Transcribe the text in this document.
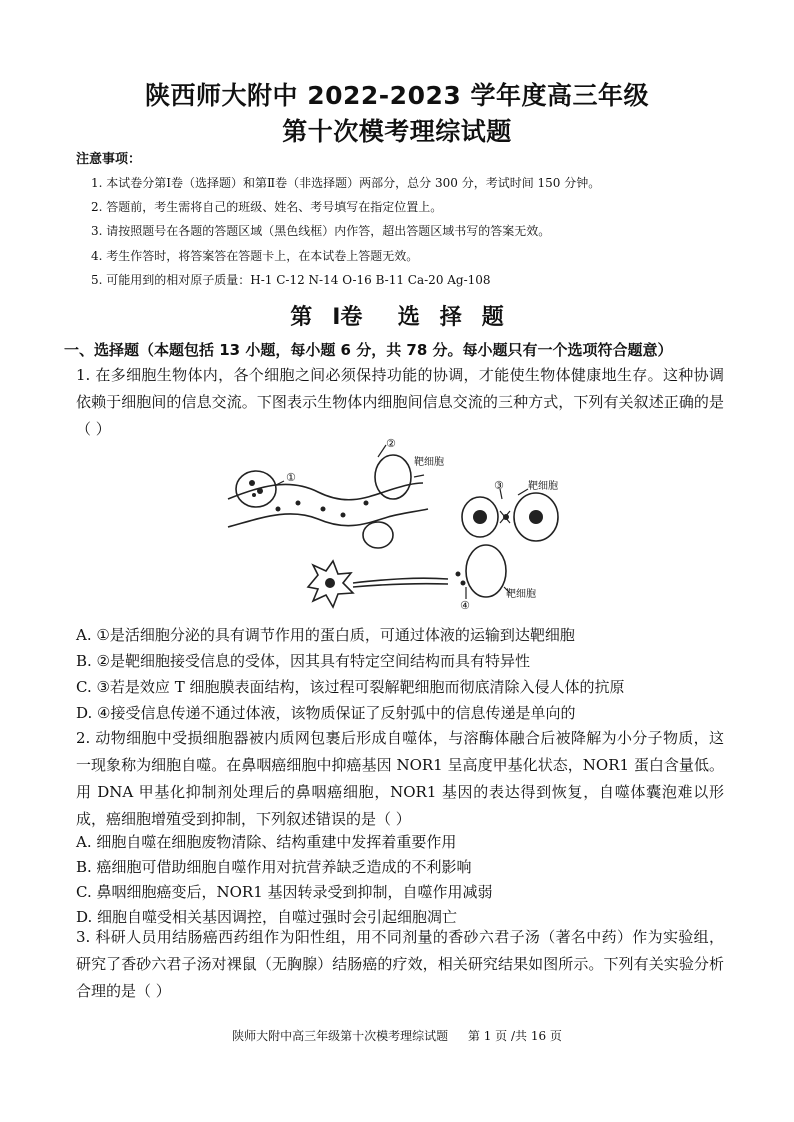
陕西师大附中 2022-2023 学年度高三年级
第十次模考理综试题
注意事项：
1. 本试卷分第Ⅰ卷（选择题）和第Ⅱ卷（非选择题）两部分，总分 300 分，考试时间 150 分钟。
2. 答题前，考生需将自己的班级、姓名、考号填写在指定位置上。
3. 请按照题号在各题的答题区域（黑色线框）内作答，超出答题区域书写的答案无效。
4. 考生作答时，将答案答在答题卡上，在本试卷上答题无效。
5. 可能用到的相对原子质量：H-1 C-12 N-14 O-16 B-11 Ca-20 Ag-108
第 Ⅰ卷 选 择 题
一、选择题（本题包括 13 小题，每小题 6 分，共 78 分。每小题只有一个选项符合题意）
1. 在多细胞生物体内，各个细胞之间必须保持功能的协调，才能使生物体健康地生存。这种协调依赖于细胞间的信息交流。下图表示生物体内细胞间信息交流的三种方式，下列有关叙述正确的是（ ）
①
②
③
④
靶细胞
靶细胞
靶细胞
A. ①是活细胞分泌的具有调节作用的蛋白质，可通过体液的运输到达靶细胞
B. ②是靶细胞接受信息的受体，因其具有特定空间结构而具有特异性
C. ③若是效应 T 细胞膜表面结构，该过程可裂解靶细胞而彻底清除入侵人体的抗原
D. ④接受信息传递不通过体液，该物质保证了反射弧中的信息传递是单向的
2. 动物细胞中受损细胞器被内质网包裹后形成自噬体，与溶酶体融合后被降解为小分子物质，这一现象称为细胞自噬。在鼻咽癌细胞中抑癌基因 NOR1 呈高度甲基化状态，NOR1 蛋白含量低。用 DNA 甲基化抑制剂处理后的鼻咽癌细胞，NOR1 基因的表达得到恢复，自噬体囊泡难以形成，癌细胞增殖受到抑制，下列叙述错误的是（ ）
A. 细胞自噬在细胞废物清除、结构重建中发挥着重要作用
B. 癌细胞可借助细胞自噬作用对抗营养缺乏造成的不利影响
C. 鼻咽细胞癌变后，NOR1 基因转录受到抑制，自噬作用减弱
D. 细胞自噬受相关基因调控，自噬过强时会引起细胞凋亡
3. 科研人员用结肠癌西药组作为阳性组，用不同剂量的香砂六君子汤（著名中药）作为实验组，研究了香砂六君子汤对裸鼠（无胸腺）结肠癌的疗效，相关研究结果如图所示。下列有关实验分析合理的是（ ）
陕师大附中高三年级第十次模考理综试题 第 1 页 /共 16 页
